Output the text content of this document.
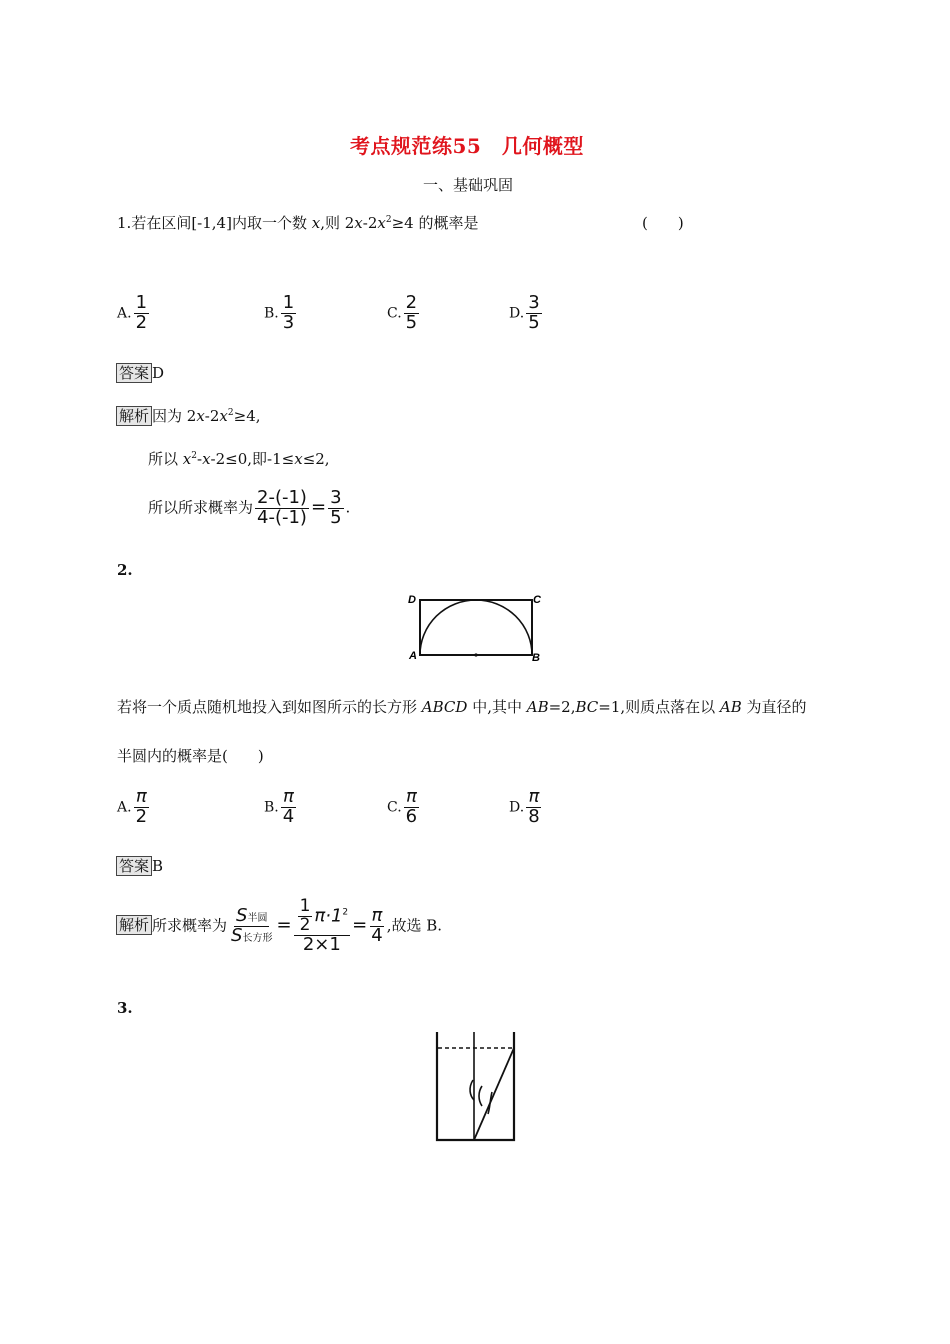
考点规范练55　几何概型
一、基础巩固
1.若在区间[-1,4]内取一个数 x,则 $2x-2x^2\ge 4$ 的概率是	(　　)
A. $\frac{1}{2}$	B. $\frac{1}{3}$	C. $\frac{2}{5}$	D. $\frac{3}{5}$
答案 D
解析 因为 $2x-2x^2\ge 4$,
所以 $x^2-x-2\le 0$,即-1≤x≤2,
所以所求概率为 $\frac{2-(-1)}{4-(-1)} = \frac{3}{5}$ .
2.
D	C
A	B
若将一个质点随机地投入到如图所示的长方形 ABCD 中,其中 AB=2,BC=1,则质点落在以 AB 为直径的
半圆内的概率是(　　)
A. $\frac{\pi}{2}$	B. $\frac{\pi}{4}$	C. $\frac{\pi}{6}$	D. $\frac{\pi}{8}$
答案 B
解析 所求概率为 $\frac{\text{S半圆}}{\text{S长方形}} = \frac{\frac{1}{2} \pi\cdot 1^2}{2\times 1} = \frac{\pi}{4}$ ,故选 B.
3.
